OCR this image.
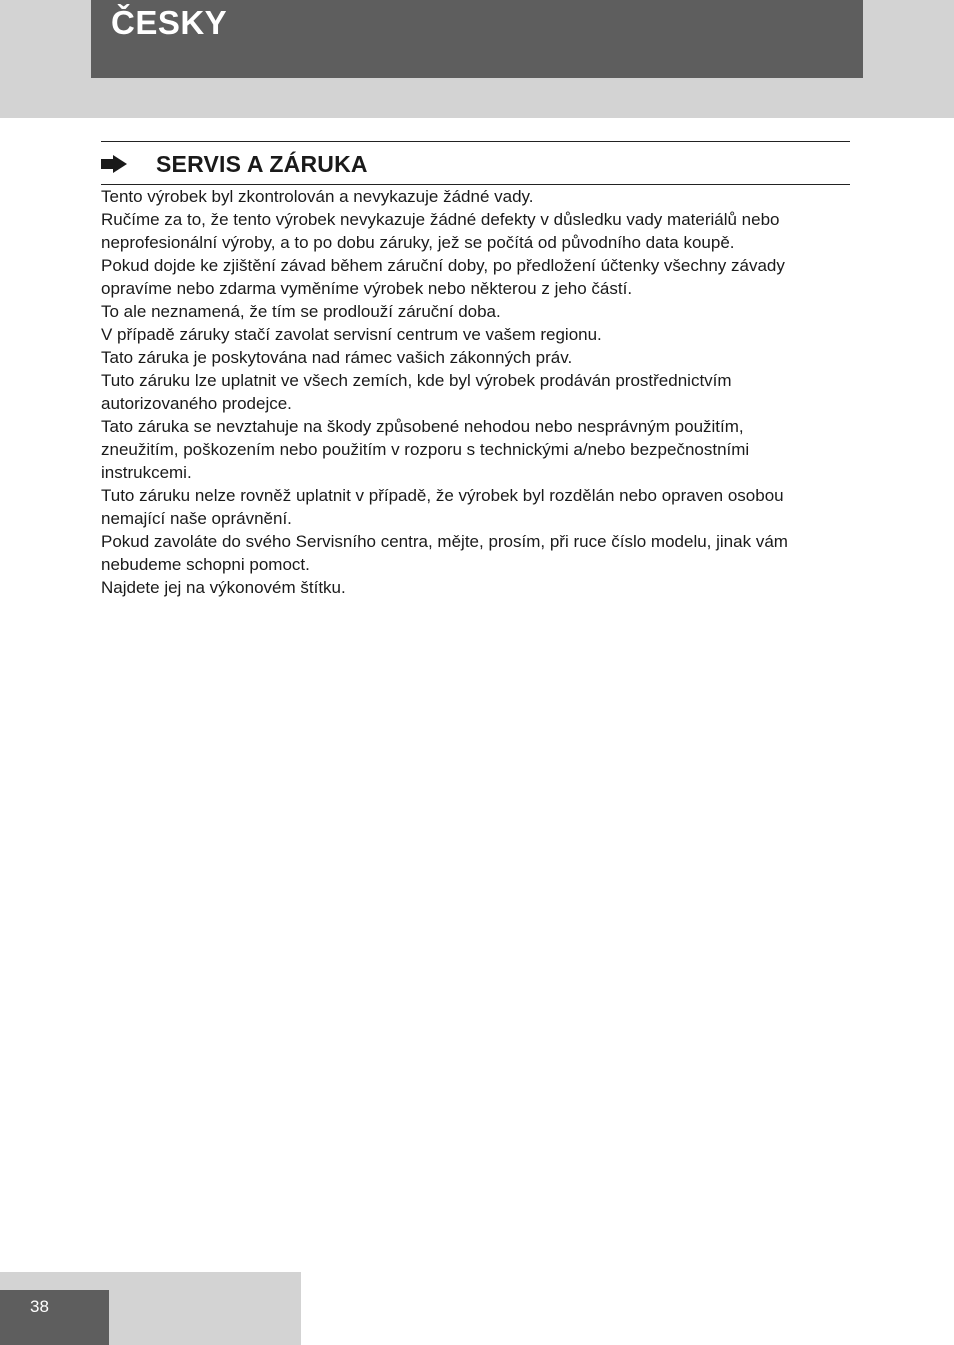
ČESKY
SERVIS A ZÁRUKA

Tento výrobek byl zkontrolován a nevykazuje žádné vady.

Ručíme za to, že tento výrobek nevykazuje žádné defekty v důsledku vady materiálů nebo

neprofesionální výroby, a to po dobu záruky, jež se počítá od původního data koupě.

Pokud dojde ke zjištění závad během záruční doby, po předložení účtenky všechny závady

opravíme nebo zdarma vyměníme výrobek nebo některou z jeho částí.

To ale neznamená, že tím se prodlouží záruční doba.

V případě záruky stačí zavolat servisní centrum ve vašem regionu.

Tato záruka je poskytována nad rámec vašich zákonných práv.

Tuto záruku lze uplatnit ve všech zemích, kde byl výrobek prodáván prostřednictvím

autorizovaného prodejce.

Tato záruka se nevztahuje na škody způsobené nehodou nebo nesprávným použitím,

zneužitím, poškozením nebo použitím v rozporu s technickými a/nebo bezpečnostními

instrukcemi.

Tuto záruku nelze rovněž uplatnit v případě, že výrobek byl rozdělán nebo opraven osobou

nemající naše oprávnění.

Pokud zavoláte do svého Servisního centra, mějte, prosím, při ruce číslo modelu, jinak vám

nebudeme schopni pomoct.

Najdete jej na výkonovém štítku.

38
